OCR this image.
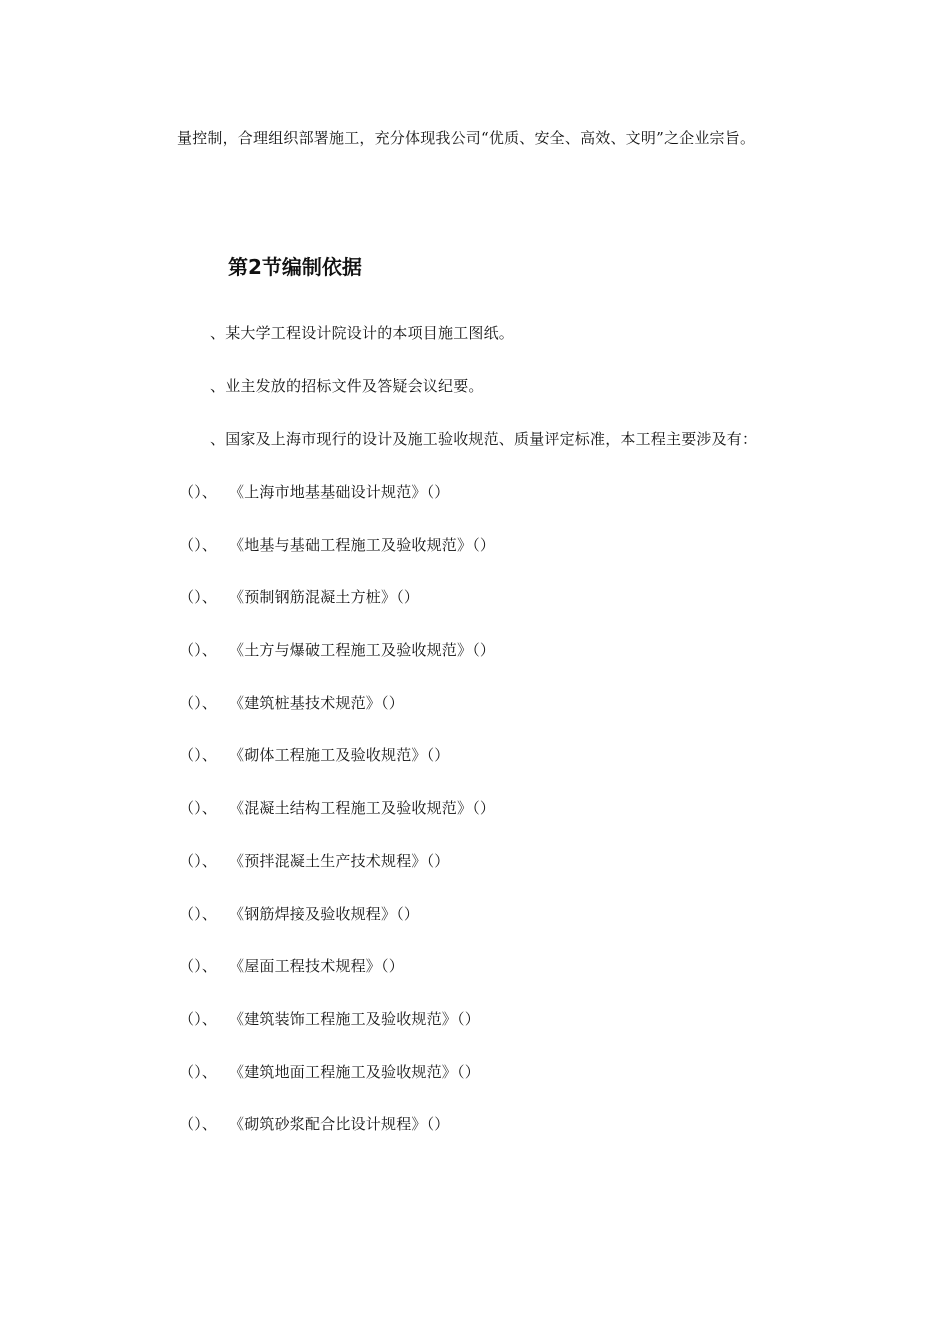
量控制，合理组织部署施工，充分体现我公司“优质、安全、高效、文明”之企业宗旨。
第2节编制依据
、某大学工程设计院设计的本项目施工图纸。
、业主发放的招标文件及答疑会议纪要。
、国家及上海市现行的设计及施工验收规范、质量评定标准，本工程主要涉及有：
（）、 《上海市地基基础设计规范》（）
（）、 《地基与基础工程施工及验收规范》（）
（）、 《预制钢筋混凝土方桩》（）
（）、 《土方与爆破工程施工及验收规范》（）
（）、 《建筑桩基技术规范》（）
（）、 《砌体工程施工及验收规范》（）
（）、 《混凝土结构工程施工及验收规范》（）
（）、 《预拌混凝土生产技术规程》（）
（）、 《钢筋焊接及验收规程》（）
（）、 《屋面工程技术规程》（）
（）、 《建筑装饰工程施工及验收规范》（）
（）、 《建筑地面工程施工及验收规范》（）
（）、 《砌筑砂浆配合比设计规程》（）
